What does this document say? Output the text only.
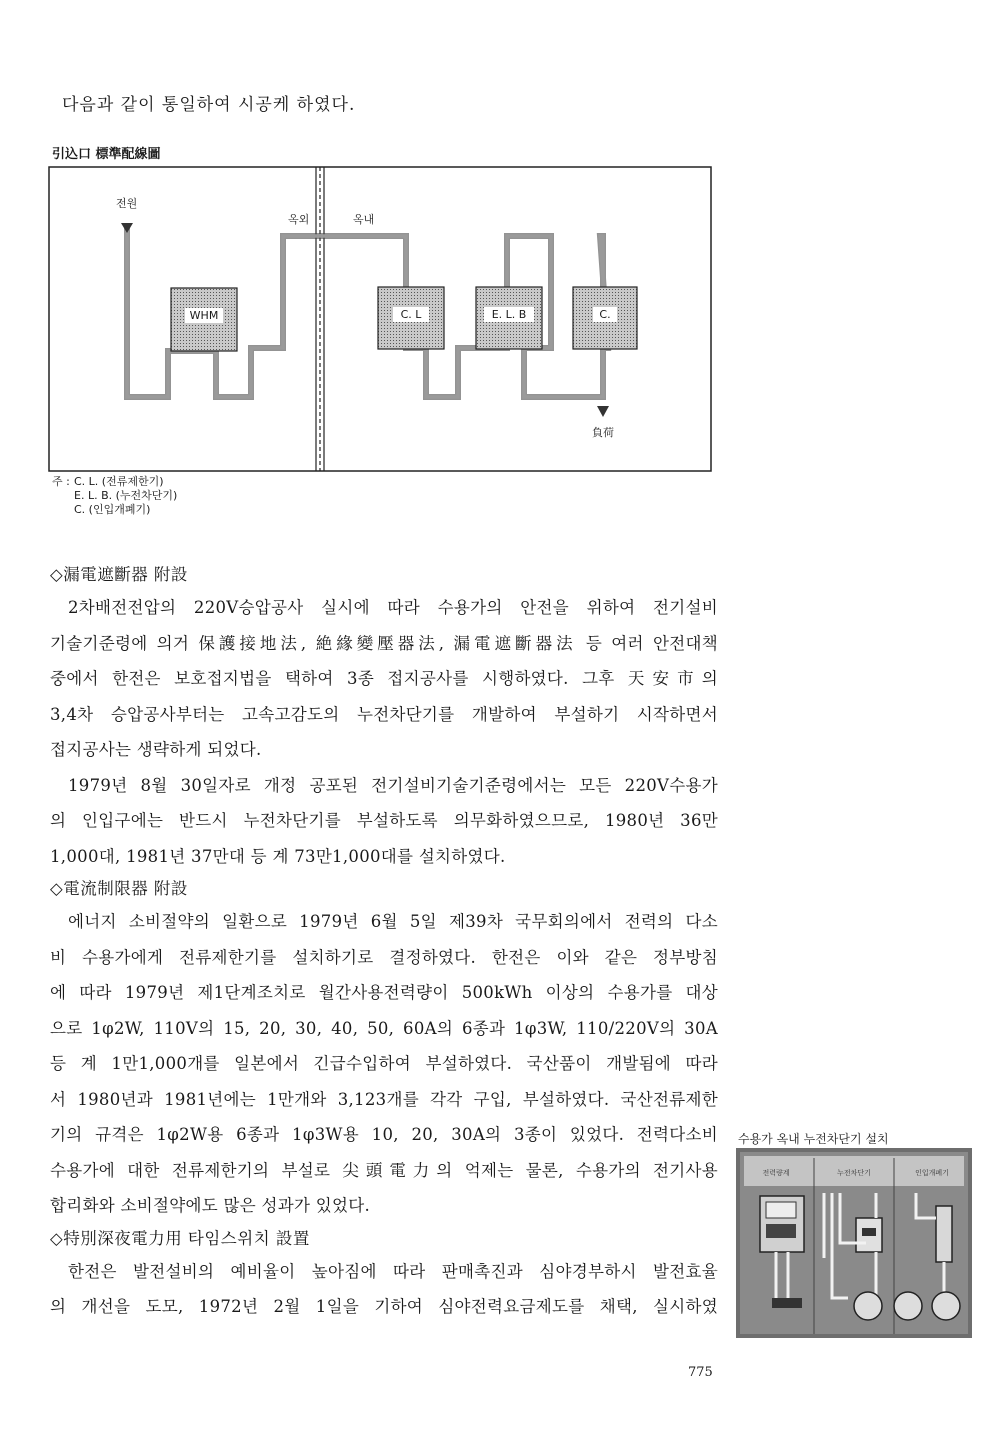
다음과 같이 통일하여 시공케 하였다.
引込口 標準配線圖
WHM	C. L	E. L. B	C.
전원
옥외	옥내
負荷
주 : C. L. (전류제한기)
E. L. B. (누전차단기)
C. (인입개폐기)
◇漏電遮斷器 附設
2차배전전압의 220V승압공사 실시에 따라 수용가의 안전을 위하여 전기설비
기술기준령에 의거 保護接地法, 絶緣變壓器法, 漏電遮斷器法 등 여러 안전대책
중에서 한전은 보호접지법을 택하여 3종 접지공사를 시행하였다. 그후 天安市의
3,4차 승압공사부터는 고속고감도의 누전차단기를 개발하여 부설하기 시작하면서
접지공사는 생략하게 되었다.
1979년 8월 30일자로 개정 공포된 전기설비기술기준령에서는 모든 220V수용가
의 인입구에는 반드시 누전차단기를 부설하도록 의무화하였으므로, 1980년 36만
1,000대, 1981년 37만대 등 계 73만1,000대를 설치하였다.
◇電流制限器 附設
에너지 소비절약의 일환으로 1979년 6월 5일 제39차 국무회의에서 전력의 다소
비 수용가에게 전류제한기를 설치하기로 결정하였다. 한전은 이와 같은 정부방침
에 따라 1979년 제1단계조치로 월간사용전력량이 500kWh 이상의 수용가를 대상
으로 1φ2W, 110V의 15, 20, 30, 40, 50, 60A의 6종과 1φ3W, 110/220V의 30A
등 계 1만1,000개를 일본에서 긴급수입하여 부설하였다. 국산품이 개발됨에 따라
서 1980년과 1981년에는 1만개와 3,123개를 각각 구입, 부설하였다. 국산전류제한
기의 규격은 1φ2W용 6종과 1φ3W용 10, 20, 30A의 3종이 있었다. 전력다소비
수용가에 대한 전류제한기의 부설로 尖頭電力의 억제는 물론, 수용가의 전기사용
합리화와 소비절약에도 많은 성과가 있었다.
◇特別深夜電力用 타임스위치 設置
한전은 발전설비의 예비율이 높아짐에 따라 판매촉진과 심야경부하시 발전효율
의 개선을 도모, 1972년 2월 1일을 기하여 심야전력요금제도를 채택, 실시하였
수용가 옥내 누전차단기 설치
전력량계	누전차단기	인입개폐기
775
